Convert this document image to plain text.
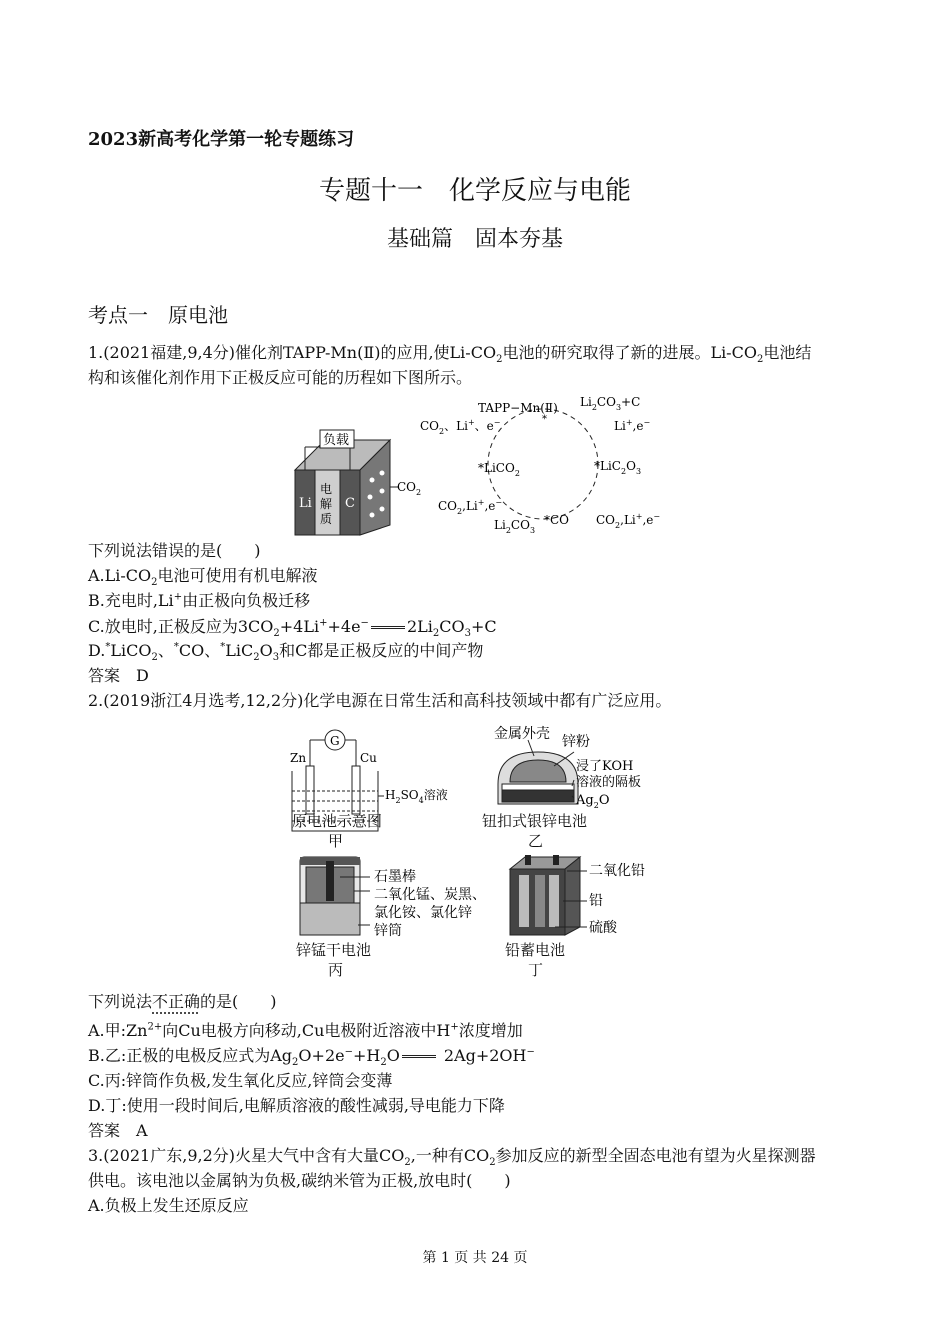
2023新高考化学第一轮专题练习
专题十一　化学反应与电能
基础篇　固本夯基
考点一　原电池
1.(2021福建,9,4分)催化剂TAPP-Mn(Ⅱ)的应用,使$Li-CO_2$电池的研究取得了新的进展。$Li-CO_2$电池结
构和该催化剂作用下正极反应可能的历程如下图所示。
负载
Li	C
电
解
质
$CO_2$
TAPP−Mn(Ⅱ)
*
$Li_2CO_3+C$
$CO_2$、Li+、e−	Li+,e−
*LiCO$_2$
$*LiC_2O_3$
$CO_2,Li^+,e^-$
$Li_2CO_3$
*CO $CO_2,Li^+,e^-$
下列说法错误的是(　　)
$A.Li-CO_2$电池可使用有机电解液
B.充电时,Li+由正极向负极迁移
C.放电时,正极反应为$3CO_2+4Li^++4e^-$ $2Li_2CO_3+C$
D.*LiCO$_2$、*CO、$^*LiC_2O_3$和C都是正极反应的中间产物
答案　D
2.(2019浙江4月选考,12,2分)化学电源在日常生活和高科技领域中都有广泛应用。
G
Zn	Cu
$H_2SO_4$溶液
原电池示意图
甲
金属外壳 锌粉
浸了KOH
溶液的隔板
$Ag_2O$
钮扣式银锌电池
乙
石墨棒
二氧化锰、炭黑、
氯化铵、氯化锌
锌筒
锌锰干电池
丙
二氧化铅
铅
硫酸
铅蓄电池
丁
下列说法不正确的是(　　)
A.甲$:Zn^{2+}$向Cu电极方向移动,Cu电极附近溶液中H+浓度增加
B.乙:正极的电极反应式为$Ag_2O+2e^-+H_2O$	2Ag+2OH−
C.丙:锌筒作负极,发生氧化反应,锌筒会变薄
D.丁:使用一段时间后,电解质溶液的酸性减弱,导电能力下降
答案　A
3.(2021广东,9,2分)火星大气中含有大量$CO_2$,一种有$CO_2$参加反应的新型全固态电池有望为火星探测器
供电。该电池以金属钠为负极,碳纳米管为正极,放电时(　　)
A.负极上发生还原反应
第 1 页 共 24 页
